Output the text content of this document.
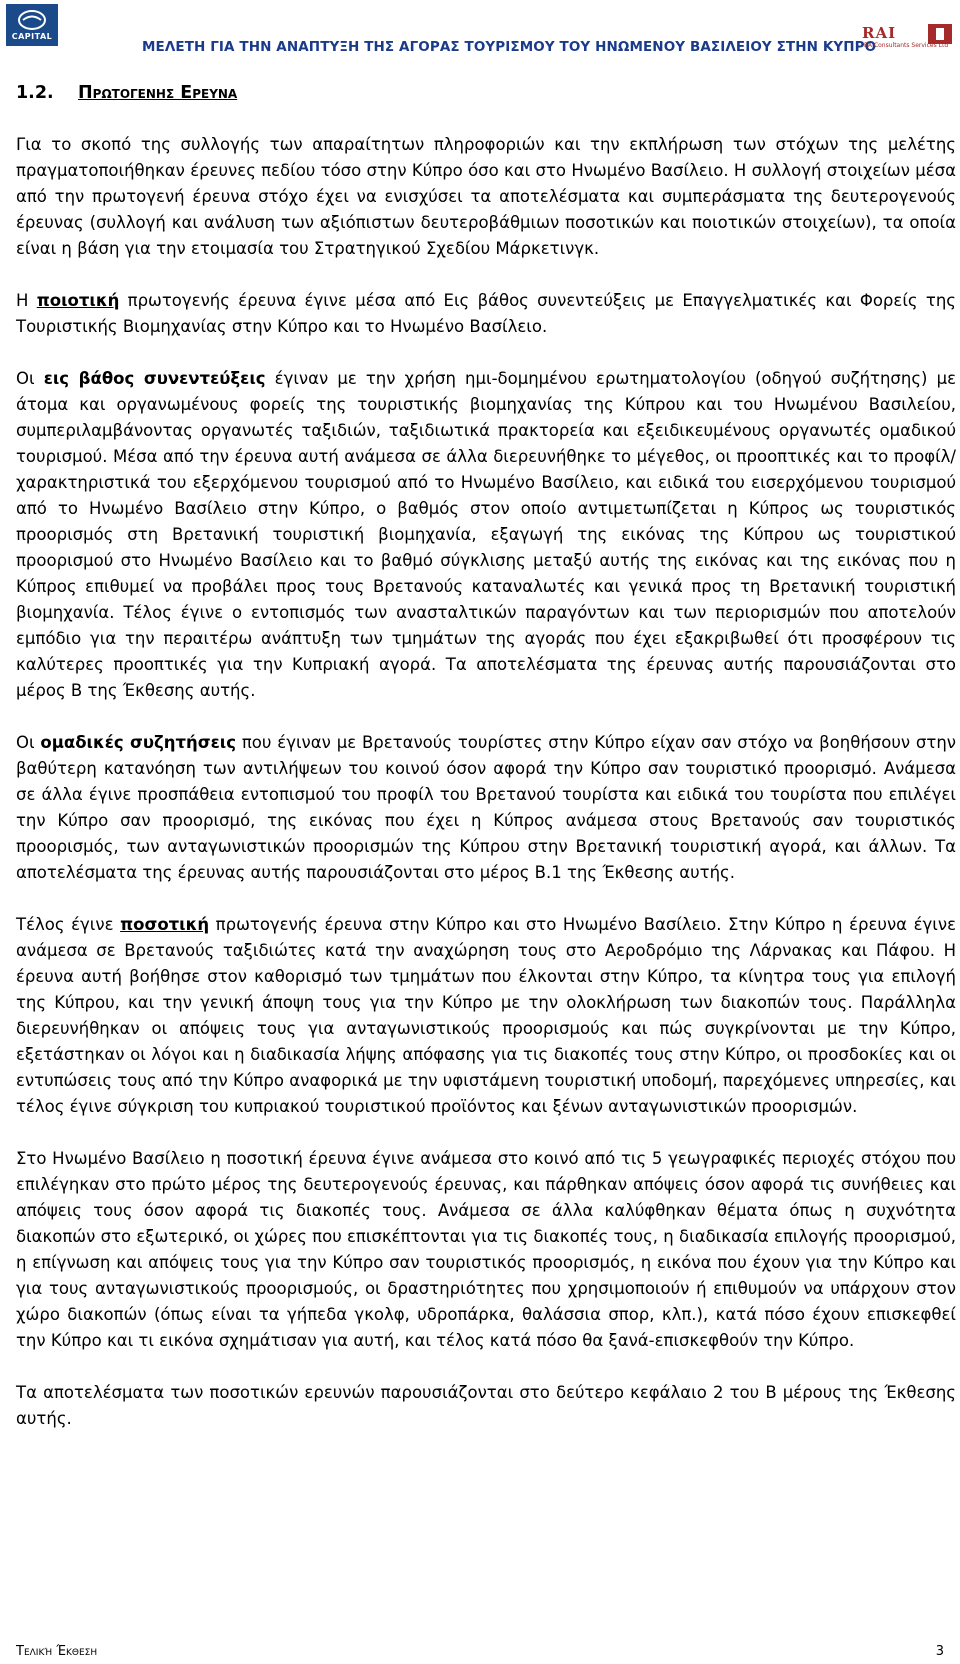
CAPITAL
ΜΕΛΕΤΗ ΓΙΑ ΤΗΝ ΑΝΑΠΤΥΞΗ ΤΗΣ ΑΓΟΡΑΣ ΤΟΥΡΙΣΜΟΥ ΤΟΥ ΗΝΩΜΕΝΟΥ ΒΑΣΙΛΕΙΟΥ ΣΤΗΝ ΚΥΠΡΟ
RAI
RA Consultants Services Ltd
1.2. Πρωτογενησ Ερευνα

Για το σκοπό της συλλογής των απαραίτητων πληροφοριών και την εκπλήρωση των στόχων της μελέτης πραγματοποιήθηκαν έρευνες πεδίου τόσο στην Κύπρο όσο και στο Ηνωμένο Βασίλειο. Η συλλογή στοιχείων μέσα από την πρωτογενή έρευνα στόχο έχει να ενισχύσει τα αποτελέσματα και συμπεράσματα της δευτερογενούς έρευνας (συλλογή και ανάλυση των αξιόπιστων δευτεροβάθμιων ποσοτικών και ποιοτικών στοιχείων), τα οποία είναι η βάση για την ετοιμασία του Στρατηγικού Σχεδίου Μάρκετινγκ.

Η ποιοτική πρωτογενής έρευνα έγινε μέσα από Εις βάθος συνεντεύξεις με Επαγγελματικές και Φορείς της Τουριστικής Βιομηχανίας στην Κύπρο και το Ηνωμένο Βασίλειο.

Οι εις βάθος συνεντεύξεις έγιναν με την χρήση ημι-δομημένου ερωτηματολογίου (οδηγού συζήτησης) με άτομα και οργανωμένους φορείς της τουριστικής βιομηχανίας της Κύπρου και του Ηνωμένου Βασιλείου, συμπεριλαμβάνοντας οργανωτές ταξιδιών, ταξιδιωτικά πρακτορεία και εξειδικευμένους οργανωτές ομαδικού τουρισμού. Μέσα από την έρευνα αυτή ανάμεσα σε άλλα διερευνήθηκε το μέγεθος, οι προοπτικές και το προφίλ/χαρακτηριστικά του εξερχόμενου τουρισμού από το Ηνωμένο Βασίλειο, και ειδικά του εισερχόμενου τουρισμού από το Ηνωμένο Βασίλειο στην Κύπρο, ο βαθμός στον οποίο αντιμετωπίζεται η Κύπρος ως τουριστικός προορισμός στη Βρετανική τουριστική βιομηχανία, εξαγωγή της εικόνας της Κύπρου ως τουριστικού προορισμού στο Ηνωμένο Βασίλειο και το βαθμό σύγκλισης μεταξύ αυτής της εικόνας και της εικόνας που η Κύπρος επιθυμεί να προβάλει προς τους Βρετανούς καταναλωτές και γενικά προς τη Βρετανική τουριστική βιομηχανία. Τέλος έγινε ο εντοπισμός των ανασταλτικών παραγόντων και των περιορισμών που αποτελούν εμπόδιο για την περαιτέρω ανάπτυξη των τμημάτων της αγοράς που έχει εξακριβωθεί ότι προσφέρουν τις καλύτερες προοπτικές για την Κυπριακή αγορά. Τα αποτελέσματα της έρευνας αυτής παρουσιάζονται στο μέρος Β της Έκθεσης αυτής.

Οι ομαδικές συζητήσεις που έγιναν με Βρετανούς τουρίστες στην Κύπρο είχαν σαν στόχο να βοηθήσουν στην βαθύτερη κατανόηση των αντιλήψεων του κοινού όσον αφορά την Κύπρο σαν τουριστικό προορισμό. Ανάμεσα σε άλλα έγινε προσπάθεια εντοπισμού του προφίλ του Βρετανού τουρίστα και ειδικά του τουρίστα που επιλέγει την Κύπρο σαν προορισμό, της εικόνας που έχει η Κύπρος ανάμεσα στους Βρετανούς σαν τουριστικός προορισμός, των ανταγωνιστικών προορισμών της Κύπρου στην Βρετανική τουριστική αγορά, και άλλων. Τα αποτελέσματα της έρευνας αυτής παρουσιάζονται στο μέρος Β.1 της Έκθεσης αυτής.

Τέλος έγινε ποσοτική πρωτογενής έρευνα στην Κύπρο και στο Ηνωμένο Βασίλειο. Στην Κύπρο η έρευνα έγινε ανάμεσα σε Βρετανούς ταξιδιώτες κατά την αναχώρηση τους στο Αεροδρόμιο της Λάρνακας και Πάφου. Η έρευνα αυτή βοήθησε στον καθορισμό των τμημάτων που έλκονται στην Κύπρο, τα κίνητρα τους για επιλογή της Κύπρου, και την γενική άποψη τους για την Κύπρο με την ολοκλήρωση των διακοπών τους. Παράλληλα διερευνήθηκαν οι απόψεις τους για ανταγωνιστικούς προορισμούς και πώς συγκρίνονται με την Κύπρο, εξετάστηκαν οι λόγοι και η διαδικασία λήψης απόφασης για τις διακοπές τους στην Κύπρο, οι προσδοκίες και οι εντυπώσεις τους από την Κύπρο αναφορικά με την υφιστάμενη τουριστική υποδομή, παρεχόμενες υπηρεσίες, και τέλος έγινε σύγκριση του κυπριακού τουριστικού προϊόντος και ξένων ανταγωνιστικών προορισμών.

Στο Ηνωμένο Βασίλειο η ποσοτική έρευνα έγινε ανάμεσα στο κοινό από τις 5 γεωγραφικές περιοχές στόχου που επιλέγηκαν στο πρώτο μέρος της δευτερογενούς έρευνας, και πάρθηκαν απόψεις όσον αφορά τις συνήθειες και απόψεις τους όσον αφορά τις διακοπές τους. Ανάμεσα σε άλλα καλύφθηκαν θέματα όπως η συχνότητα διακοπών στο εξωτερικό, οι χώρες που επισκέπτονται για τις διακοπές τους, η διαδικασία επιλογής προορισμού, η επίγνωση και απόψεις τους για την Κύπρο σαν τουριστικός προορισμός, η εικόνα που έχουν για την Κύπρο και για τους ανταγωνιστικούς προορισμούς, οι δραστηριότητες που χρησιμοποιούν ή επιθυμούν να υπάρχουν στον χώρο διακοπών (όπως είναι τα γήπεδα γκολφ, υδροπάρκα, θαλάσσια σπορ, κλπ.), κατά πόσο έχουν επισκεφθεί την Κύπρο και τι εικόνα σχημάτισαν για αυτή, και τέλος κατά πόσο θα ξανά-επισκεφθούν την Κύπρο.

Τα αποτελέσματα των ποσοτικών ερευνών παρουσιάζονται στο δεύτερο κεφάλαιο 2 του Β μέρους της Έκθεσης αυτής.

Τελική Έκθεση	3
